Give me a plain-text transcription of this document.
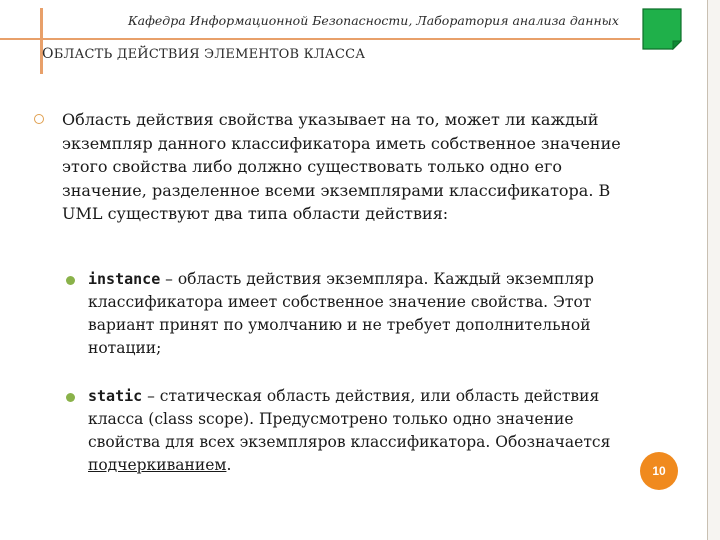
Кафедра Информационной Безопасности, Лаборатория анализа данных
ОБЛАСТЬ ДЕЙСТВИЯ ЭЛЕМЕНТОВ КЛАССА
Область действия свойства указывает на то, может ли каждый экземпляр данного классификатора иметь собственное значение этого свойства либо должно существовать только одно его значение, разделенное всеми экземплярами классификатора. В UML существуют два типа области действия:
instance – область действия экземпляра. Каждый экземпляр классификатора имеет собственное значение свойства. Этот вариант принят по умолчанию и не требует дополнительной нотации;
static – статическая область действия, или область действия класса (class scope). Предусмотрено только одно значение свойства для всех экземпляров классификатора. Обозначается подчеркиванием.	10
